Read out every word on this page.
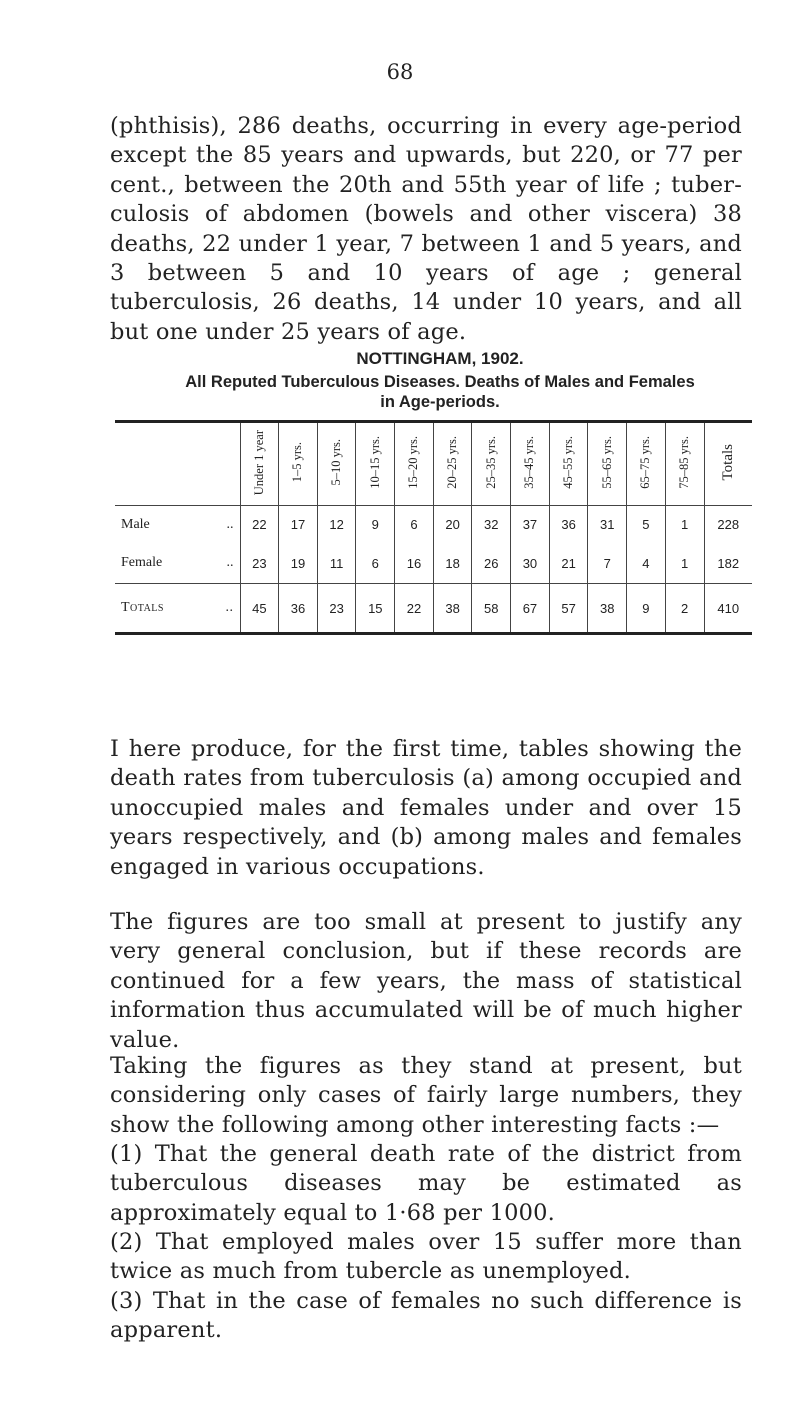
68

(phthisis), 286 deaths, occurring in every age-period except the 85 years and upwards, but 220, or 77 per cent., between the 20th and 55th year of life ; tuber- culosis of abdomen (bowels and other viscera) 38 deaths, 22 under 1 year, 7 between 1 and 5 years, and 3 between 5 and 10 years of age ; general tuberculosis, 26 deaths, 14 under 10 years, and all but one under 25 years of age.

NOTTINGHAM, 1902.
All Reputed Tuberculous Diseases. Deaths of Males and Females
in Age-periods.
	Under 1 year	1–5 yrs.	5–10 yrs.	10–15 yrs.	15–20 yrs.	20–25 yrs.	25–35 yrs.	35–45 yrs.	45–55 yrs.	55–65 yrs.	65–75 yrs.	75–85 yrs.	Totals
Male ..	22	17	12	9	6	20	32	37	36	31	5	1	228
Female ..	23	19	11	6	16	18	26	30	21	7	4	1	182
Totals ..	45	36	23	15	22	38	58	67	57	38	9	2	410

I here produce, for the first time, tables showing the death rates from tuberculosis (a) among occupied and unoccupied males and females under and over 15 years respectively, and (b) among males and females engaged in various occupations.

The figures are too small at present to justify any very general conclusion, but if these records are continued for a few years, the mass of statistical information thus accumulated will be of much higher value.

Taking the figures as they stand at present, but considering only cases of fairly large numbers, they show the following among other interesting facts :—

(1) That the general death rate of the district from tuberculous diseases may be estimated as approximately equal to 1·68 per 1000.

(2) That employed males over 15 suffer more than twice as much from tubercle as unemployed.

(3) That in the case of females no such difference is apparent.
